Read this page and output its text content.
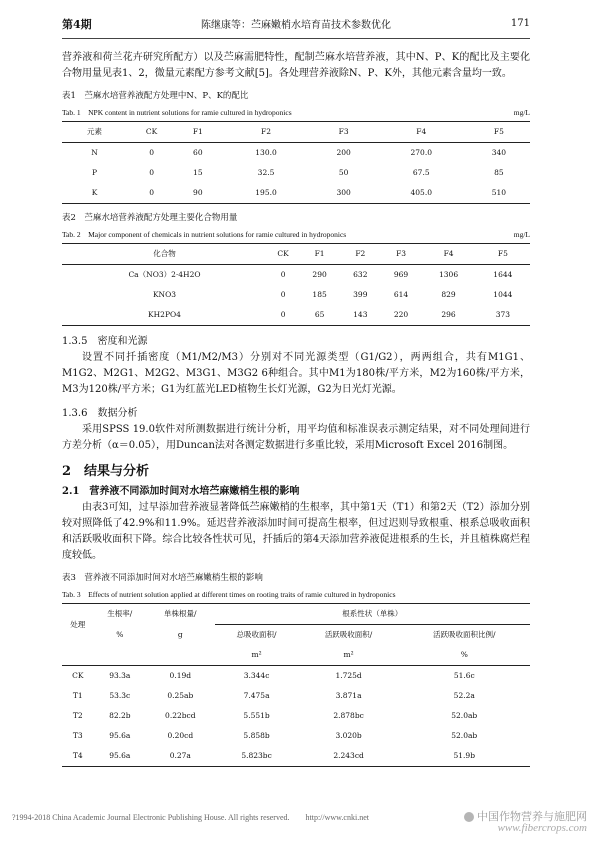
第4期	陈继康等：苎麻嫩梢水培育苗技术参数优化	171

营养液和荷兰花卉研究所配方）以及苎麻需肥特性，配制苎麻水培营养液，其中N、P、K的配比及主要化合物用量见表1、2，微量元素配方参考文献[5]。各处理营养液除N、P、K外，其他元素含量均一致。

表1　苎麻水培营养液配方处理中N、P、K的配比
Tab. 1　NPK content in nutrient solutions for ramie cultured in hydroponics	mg/L
元素	CK	F1	F2	F3	F4	F5
N	0	60	130.0	200	270.0	340
P	0	15	32.5	50	67.5	85
K	0	90	195.0	300	405.0	510
表2　苎麻水培营养液配方处理主要化合物用量
Tab. 2　Major component of chemicals in nutrient solutions for ramie cultured in hydroponics	mg/L
化合物	CK	F1	F2	F3	F4	F5
Ca（NO3）2·4H2O	0	290	632	969	1306	1644
KNO3	0	185	399	614	829	1044
KH2PO4	0	65	143	220	296	373
1.3.5　密度和光源

设置不同扦插密度（M1/M2/M3）分别对不同光源类型（G1/G2），两两组合，共有M1G1、M1G2、M2G1、M2G2、M3G1、M3G2 6种组合。其中M1为180株/平方米，M2为160株/平方米，M3为120株/平方米；G1为红蓝光LED植物生长灯光源，G2为日光灯光源。

1.3.6　数据分析

采用SPSS 19.0软件对所测数据进行统计分析，用平均值和标准误表示测定结果，对不同处理间进行方差分析（α＝0.05），用Duncan法对各测定数据进行多重比较，采用Microsoft Excel 2016制图。

2　结果与分析
2.1　营养液不同添加时间对水培苎麻嫩梢生根的影响

由表3可知，过早添加营养液显著降低苎麻嫩梢的生根率，其中第1天（T1）和第2天（T2）添加分别较对照降低了42.9%和11.9%。延迟营养液添加时间可提高生根率，但过迟则导致根重、根系总吸收面积和活跃吸收面积下降。综合比较各性状可见，扦插后的第4天添加营养液促进根系的生长，并且植株腐烂程度较低。

表3　营养液不同添加时间对水培苎麻嫩梢生根的影响
Tab. 3　Effects of nutrient solution applied at different times on rooting traits of ramie cultured in hydroponics
处理	生根率/	单株根量/	根系性状（单株）		
	%	g	总吸收面积/	活跃吸收面积/	活跃吸收面积比例/
			m²	m²	%
CK	93.3a	0.19d	3.344c	1.725d	51.6c
T1	53.3c	0.25ab	7.475a	3.871a	52.2a
T2	82.2b	0.22bcd	5.551b	2.878bc	52.0ab
T3	95.6a	0.20cd	5.858b	3.020b	52.0ab
T4	95.6a	0.27a	5.823bc	2.243cd	51.9b
?1994-2018 China Academic Journal Electronic Publishing House. All rights reserved.　　http://www.cnki.net	中国作物营养与施肥网
www.fibercrops.com
